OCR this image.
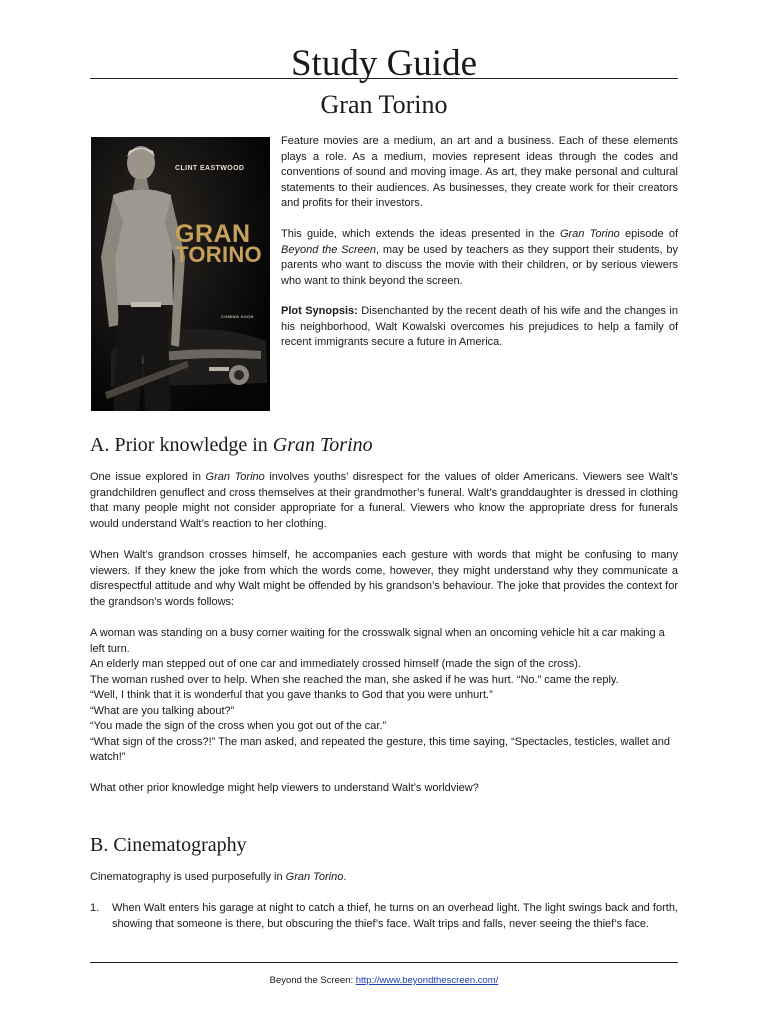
Study Guide
Gran Torino
CLINT EASTWOOD
GRAN
TORINO
COMING SOON

Feature movies are a medium, an art and a business. Each of these elements plays a role. As a medium, movies represent ideas through the codes and conventions of sound and moving image. As art, they make personal and cultural statements to their audiences. As businesses, they create work for their creators and profits for their investors.

This guide, which extends the ideas presented in the Gran Torino episode of Beyond the Screen, may be used by teachers as they support their students, by parents who want to discuss the movie with their children, or by serious viewers who want to think beyond the screen.

Plot Synopsis: Disenchanted by the recent death of his wife and the changes in his neighborhood, Walt Kowalski overcomes his prejudices to help a family of recent immigrants secure a future in America.

A. Prior knowledge in Gran Torino

One issue explored in Gran Torino involves youths’ disrespect for the values of older Americans. Viewers see Walt’s grandchildren genuflect and cross themselves at their grandmother’s funeral. Walt’s granddaughter is dressed in clothing that many people might not consider appropriate for a funeral. Viewers who know the appropriate dress for funerals would understand Walt’s reaction to her clothing.

When Walt’s grandson crosses himself, he accompanies each gesture with words that might be confusing to many viewers. If they knew the joke from which the words come, however, they might understand why they communicate a disrespectful attitude and why Walt might be offended by his grandson’s behaviour. The joke that provides the context for the grandson’s words follows:

A woman was standing on a busy corner waiting for the crosswalk signal when an oncoming vehicle hit a car making a left turn.
An elderly man stepped out of one car and immediately crossed himself (made the sign of the cross).
The woman rushed over to help. When she reached the man, she asked if he was hurt. “No.” came the reply.
“Well, I think that it is wonderful that you gave thanks to God that you were unhurt.”
“What are you talking about?”
“You made the sign of the cross when you got out of the car.”
“What sign of the cross?!” The man asked, and repeated the gesture, this time saying, “Spectacles, testicles, wallet and watch!”

What other prior knowledge might help viewers to understand Walt’s worldview?

B. Cinematography

Cinematography is used purposefully in Gran Torino.

1. When Walt enters his garage at night to catch a thief, he turns on an overhead light. The light swings back and forth, showing that someone is there, but obscuring the thief’s face. Walt trips and falls, never seeing the thief’s face.
Beyond the Screen: http://www.beyondthescreen.com/
